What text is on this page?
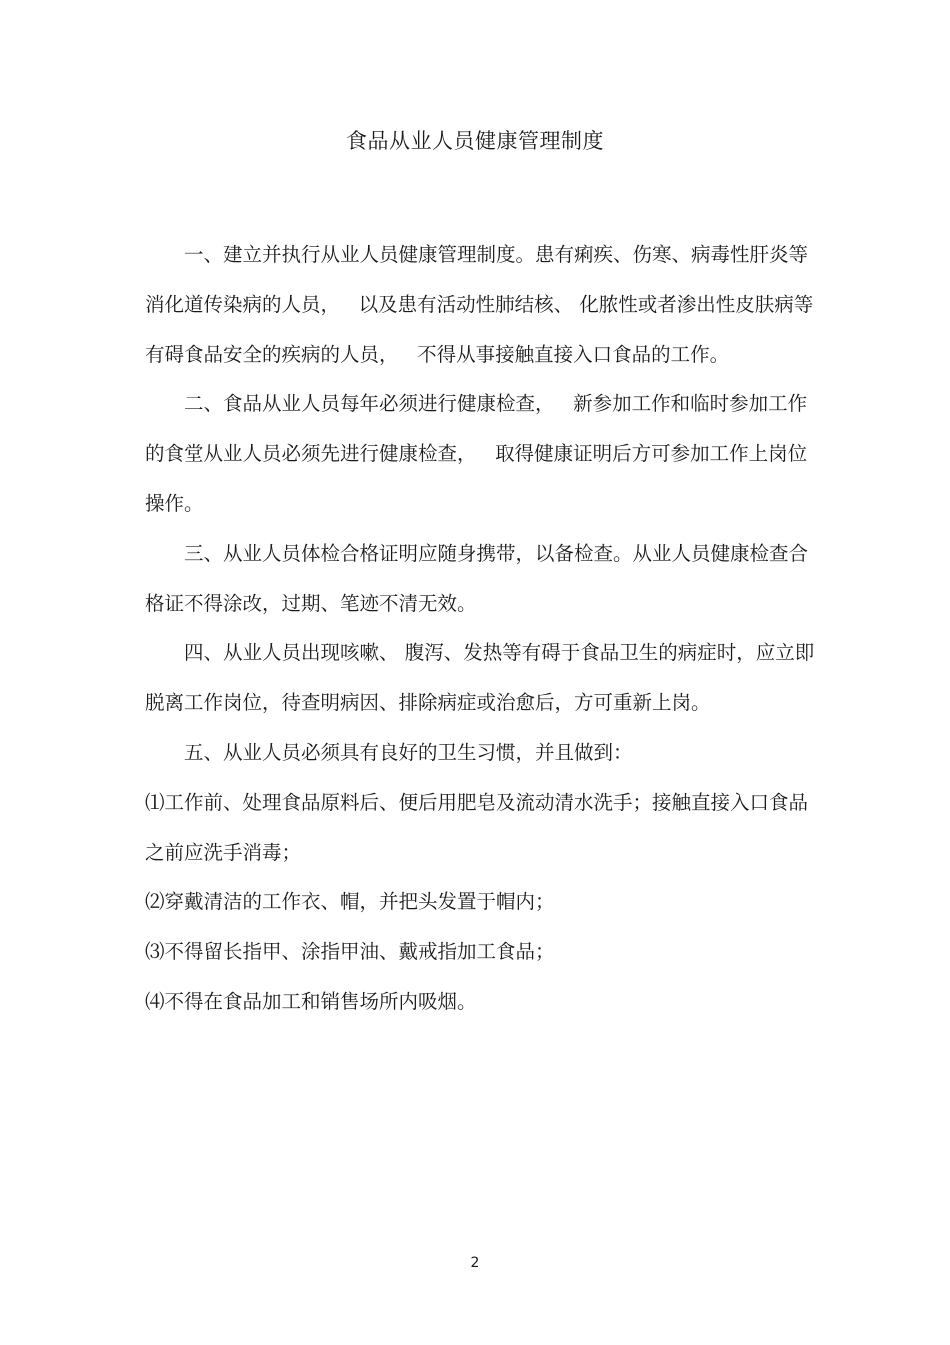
食品从业人员健康管理制度

一、建立并执行从业人员健康管理制度。患有痢疾、伤寒、病毒性肝炎等消化道传染病的人员，   以及患有活动性肺结核、 化脓性或者渗出性皮肤病等有碍食品安全的疾病的人员，   不得从事接触直接入口食品的工作。

二、食品从业人员每年必须进行健康检查，   新参加工作和临时参加工作的食堂从业人员必须先进行健康检查，   取得健康证明后方可参加工作上岗位操作。

三、从业人员体检合格证明应随身携带，以备检查。从业人员健康检查合格证不得涂改，过期、笔迹不清无效。

四、从业人员出现咳嗽、 腹泻、发热等有碍于食品卫生的病症时，应立即脱离工作岗位，待查明病因、排除病症或治愈后，方可重新上岗。

五、从业人员必须具有良好的卫生习惯，并且做到：

⑴工作前、处理食品原料后、便后用肥皂及流动清水洗手；接触直接入口食品之前应洗手消毒；

⑵穿戴清洁的工作衣、帽，并把头发置于帽内；

⑶不得留长指甲、涂指甲油、戴戒指加工食品；

⑷不得在食品加工和销售场所内吸烟。

2
